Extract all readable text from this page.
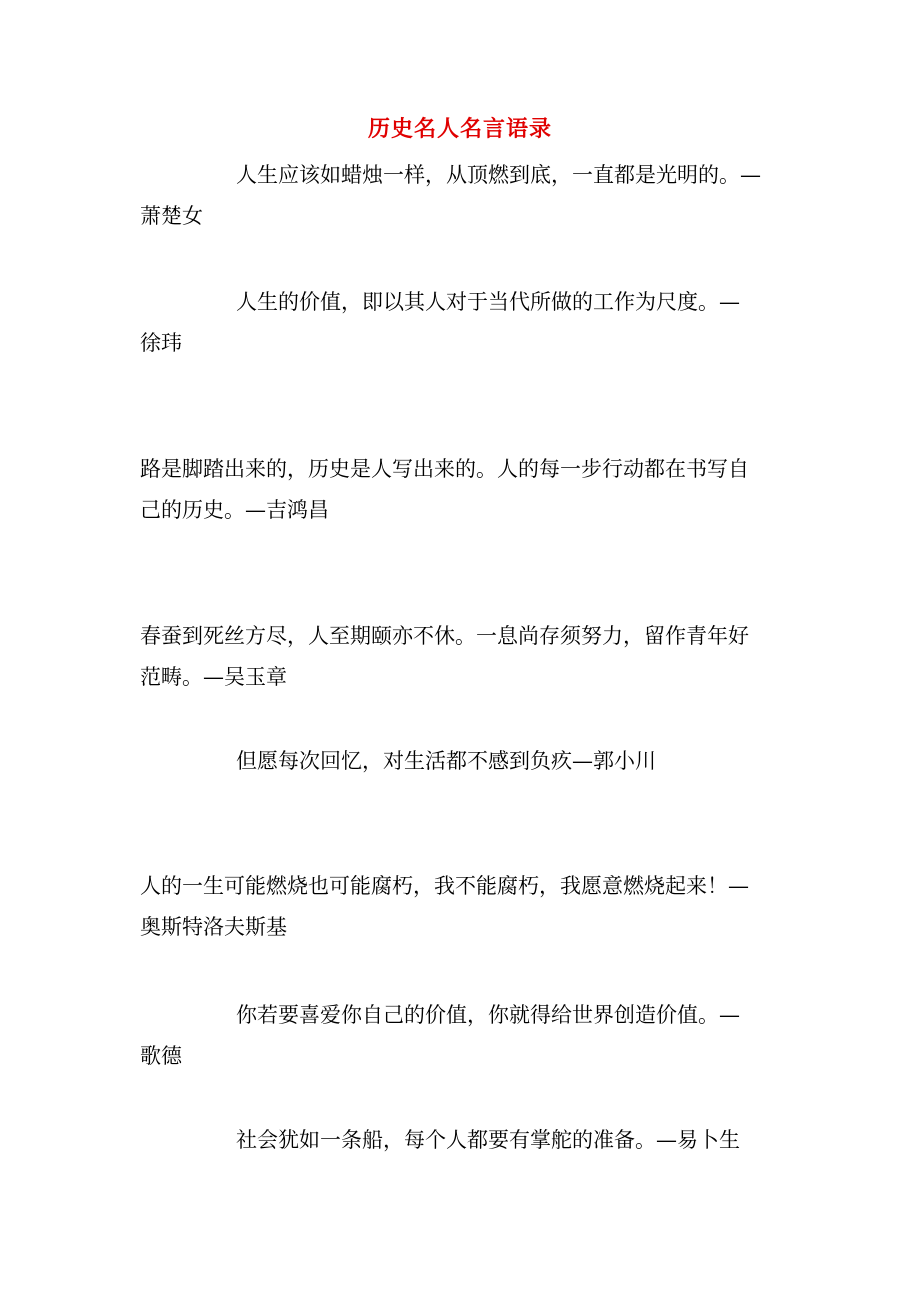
历史名人名言语录
人生应该如蜡烛一样，从顶燃到底，一直都是光明的。—
萧楚女
人生的价值，即以其人对于当代所做的工作为尺度。—
徐玮
路是脚踏出来的，历史是人写出来的。人的每一步行动都在书写自
己的历史。—吉鸿昌
春蚕到死丝方尽，人至期颐亦不休。一息尚存须努力，留作青年好
范畴。—吴玉章
但愿每次回忆，对生活都不感到负疚—郭小川
人的一生可能燃烧也可能腐朽，我不能腐朽，我愿意燃烧起来！—
奥斯特洛夫斯基
你若要喜爱你自己的价值，你就得给世界创造价值。—
歌德
社会犹如一条船，每个人都要有掌舵的准备。—易卜生
